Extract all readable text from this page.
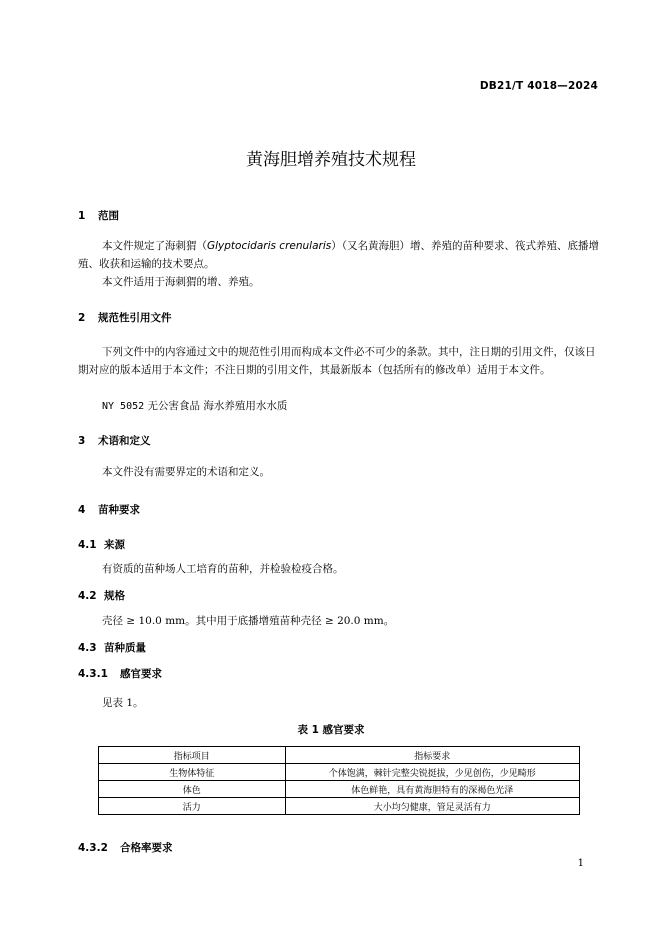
DB21/T 4018—2024
黄海胆增养殖技术规程
1 范围
本文件规定了海刺猬（Glyptocidaris crenularis）（又名黄海胆）增、养殖的苗种要求、筏式养殖、底播增殖、收获和运输的技术要点。
本文件适用于海刺猬的增、养殖。
2 规范性引用文件
下列文件中的内容通过文中的规范性引用而构成本文件必不可少的条款。其中，注日期的引用文件，仅该日期对应的版本适用于本文件；不注日期的引用文件，其最新版本（包括所有的修改单）适用于本文件。
NY 5052 无公害食品 海水养殖用水水质
3 术语和定义
本文件没有需要界定的术语和定义。
4 苗种要求
4.1 来源
有资质的苗种场人工培育的苗种，并检验检疫合格。
4.2 规格
壳径 ≥ 10.0 mm。其中用于底播增殖苗种壳径 ≥ 20.0 mm。
4.3 苗种质量
4.3.1 感官要求
见表 1。
表 1 感官要求
指标项目	指标要求
生物体特征	个体饱满，棘针完整尖锐挺拔，少见创伤，少见畸形
体色	体色鲜艳，具有黄海胆特有的深褐色光泽
活力	大小均匀健康，管足灵活有力
4.3.2 合格率要求
1
